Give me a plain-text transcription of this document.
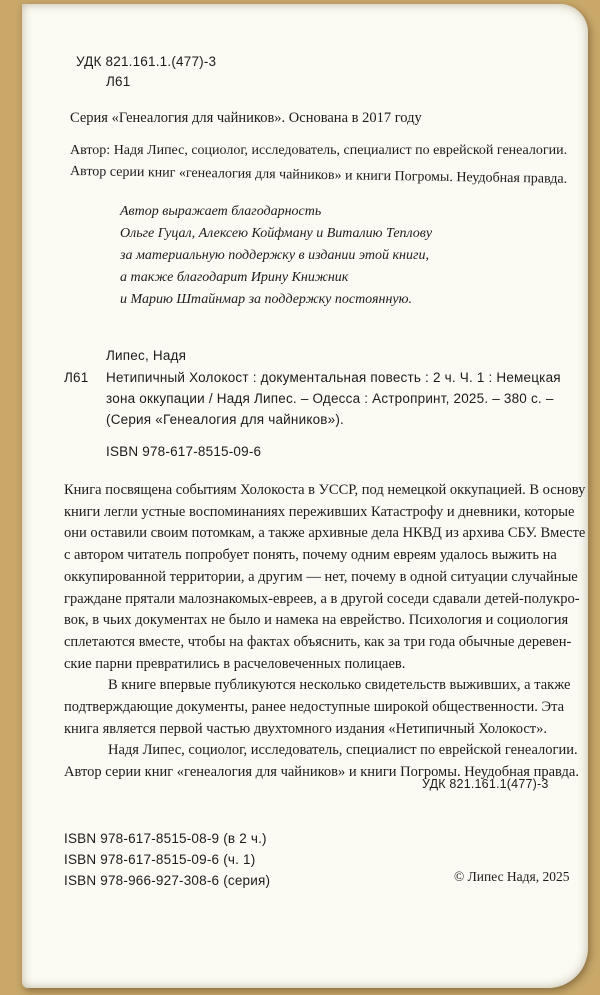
УДК 821.161.1.(477)-3

Л61

Серия «Генеалогия для чайников». Основана в 2017 году

Автор: Надя Липес, социолог, исследователь, специалист по еврейской генеалогии.

Автор серии книг «генеалогия для чайников» и книги Погромы. Неудобная правда.

Автор выражает благодарность

Ольге Гуцал, Алексею Койфману и Виталию Теплову

за материальную поддержку в издании этой книги,

а также благодарит Ирину Книжник

и Марию Штайнмар за поддержку постоянную.

Липес, Надя

Л61 Нетипичный Холокост : документальная повесть : 2 ч. Ч. 1 : Немецкая

зона оккупации / Надя Липес. – Одесса : Астропринт, 2025. – 380 с. –

(Серия «Генеалогия для чайников»).

ISBN 978-617-8515-09-6

Книга посвящена событиям Холокоста в УССР, под немецкой оккупацией. В основу
книги легли устные воспоминаниях переживших Катастрофу и дневники, которые
они оставили своим потомкам, а также архивные дела НКВД из архива СБУ. Вместе
с автором читатель попробует понять, почему одним евреям удалось выжить на
оккупированной территории, а другим — нет, почему в одной ситуации случайные
граждане прятали малознакомых-евреев, а в другой соседи сдавали детей-полукро-
вок, в чьих документах не было и намека на еврейство. Психология и социология
сплетаются вместе, чтобы на фактах объяснить, как за три года обычные деревен-
ские парни превратились в расчеловеченных полицаев.
В книге впервые публикуются несколько свидетельств выживших, а также
подтверждающие документы, ранее недоступные широкой общественности. Эта
книга является первой частью двухтомного издания «Нетипичный Холокост».
Надя Липес, социолог, исследователь, специалист по еврейской генеалогии.
Автор серии книг «генеалогия для чайников» и книги Погромы. Неудобная правда.

УДК 821.161.1(477)-3

ISBN 978-617-8515-08-9 (в 2 ч.)

ISBN 978-617-8515-09-6 (ч. 1)

ISBN 978-966-927-308-6 (серия)	© Липес Надя, 2025
